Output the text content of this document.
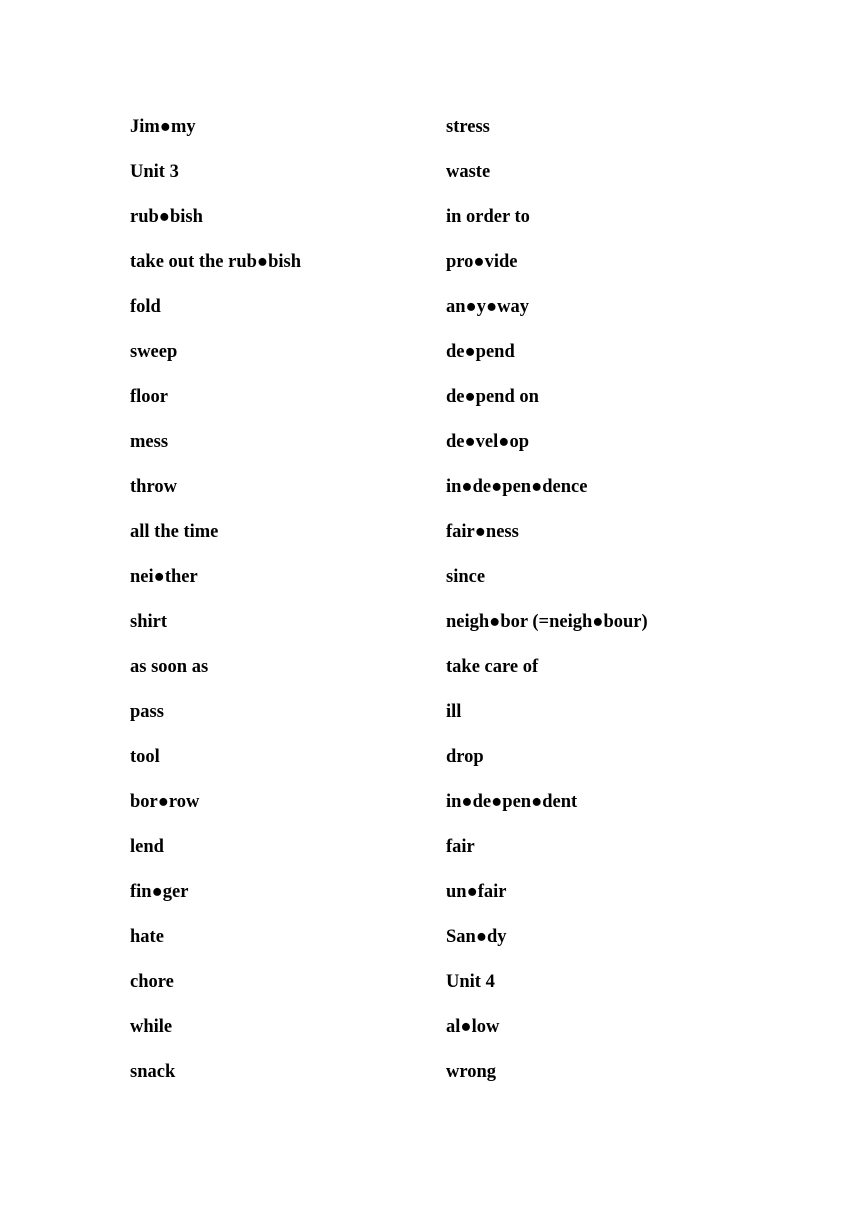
Jim●my
Unit 3
rub●bish
take out the rub●bish
fold
sweep
floor
mess
throw
all the time
nei●ther
shirt
as soon as
pass
tool
bor●row
lend
fin●ger
hate
chore
while
snack
stress
waste
in order to
pro●vide
an●y●way
de●pend
de●pend on
de●vel●op
in●de●pen●dence
fair●ness
since
neigh●bor (=neigh●bour)
take care of
ill
drop
in●de●pen●dent
fair
un●fair
San●dy
Unit 4
al●low
wrong
